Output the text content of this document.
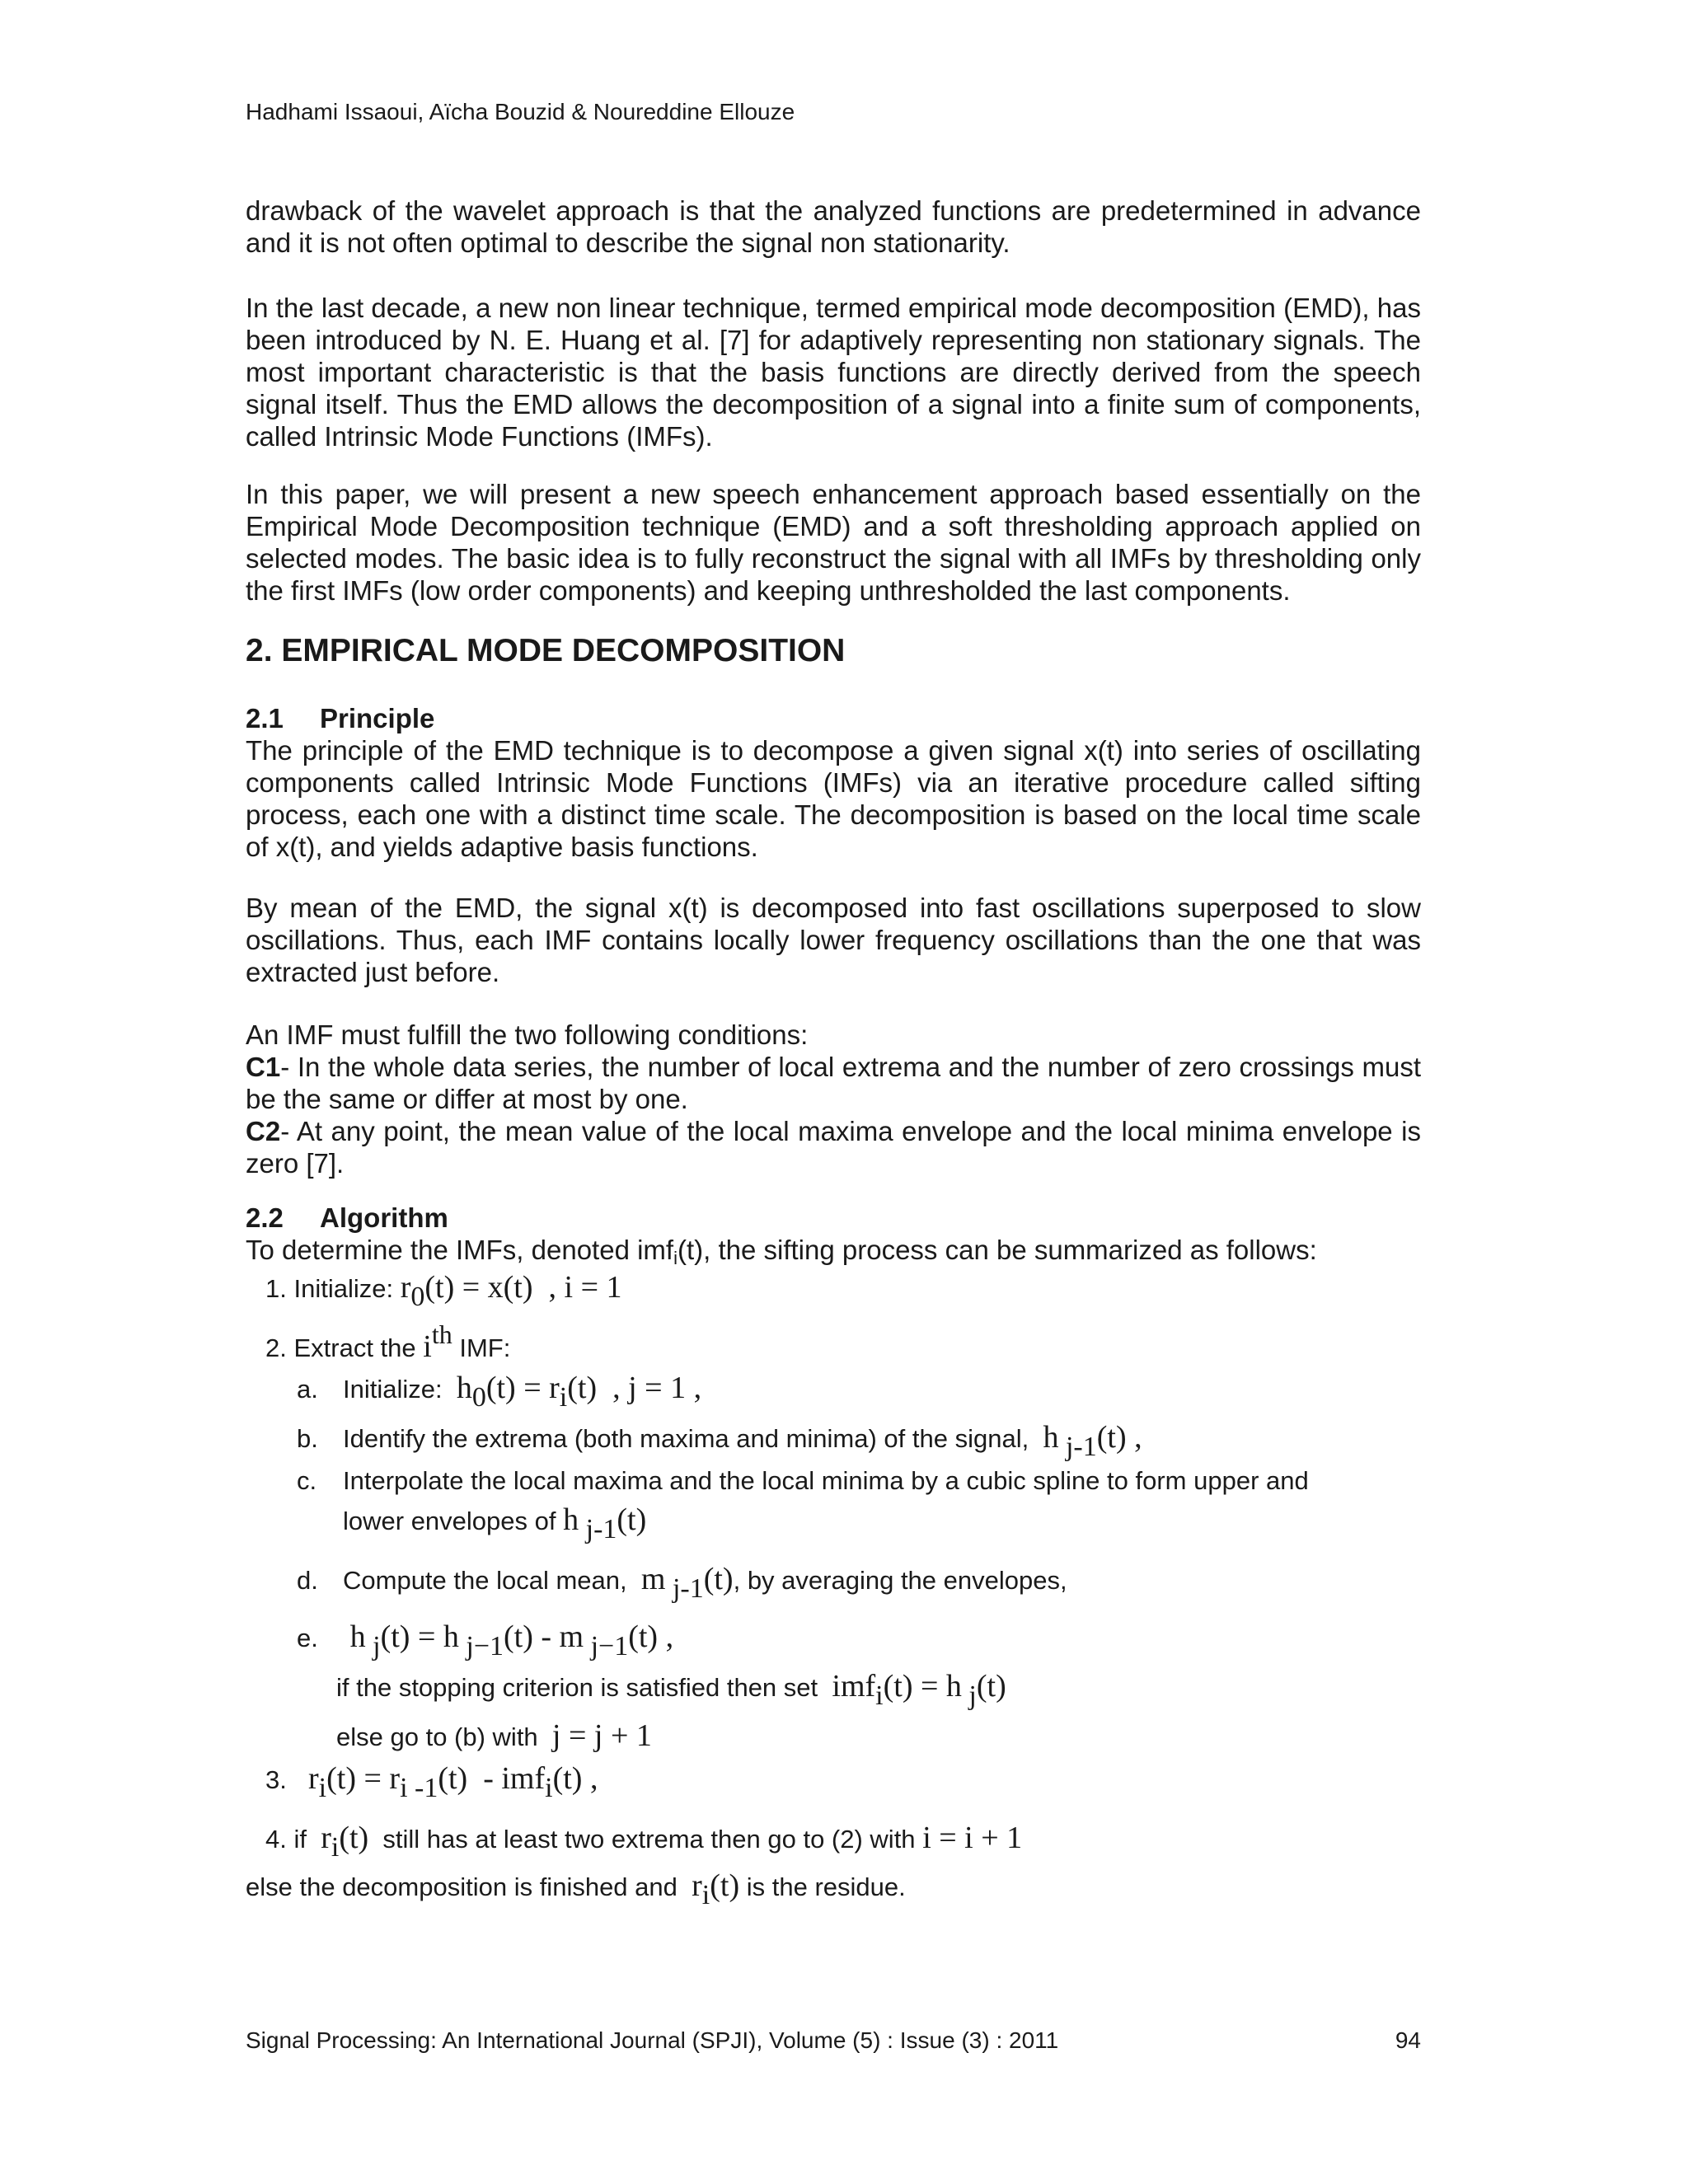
Hadhami Issaoui, Aïcha Bouzid & Noureddine Ellouze
drawback of the wavelet approach is that the analyzed functions are predetermined in advance and it is not often optimal to describe the signal non stationarity.
In the last decade, a new non linear technique, termed empirical mode decomposition (EMD), has been introduced by N. E. Huang et al. [7] for adaptively representing non stationary signals. The most important characteristic is that the basis functions are directly derived from the speech signal itself. Thus the EMD allows the decomposition of a signal into a finite sum of components, called Intrinsic Mode Functions (IMFs).
In this paper, we will present a new speech enhancement approach based essentially on the Empirical Mode Decomposition technique (EMD) and a soft thresholding approach applied on selected modes. The basic idea is to fully reconstruct the signal with all IMFs by thresholding only the first IMFs (low order components) and keeping unthresholded the last components.
2. EMPIRICAL MODE DECOMPOSITION
2.1 Principle
The principle of the EMD technique is to decompose a given signal x(t) into series of oscillating components called Intrinsic Mode Functions (IMFs) via an iterative procedure called sifting process, each one with a distinct time scale. The decomposition is based on the local time scale of x(t), and yields adaptive basis functions.
By mean of the EMD, the signal x(t) is decomposed into fast oscillations superposed to slow oscillations. Thus, each IMF contains locally lower frequency oscillations than the one that was extracted just before.
An IMF must fulfill the two following conditions:
C1- In the whole data series, the number of local extrema and the number of zero crossings must be the same or differ at most by one.
C2- At any point, the mean value of the local maxima envelope and the local minima envelope is zero [7].
2.2 Algorithm
To determine the IMFs, denoted imfi(t), the sifting process can be summarized as follows:
1. Initialize: $r_0(t) = x(t)$  , i = 1
2. Extract the $i^{th}$ IMF:
a. Initialize: $h_0(t) = r_i(t)$  , j = 1 ,
b. Identify the extrema (both maxima and minima) of the signal, h $_{j-1}$(t) ,
c. Interpolate the local maxima and the local minima by a cubic spline to form upper and
lower envelopes of h $_{j-1}$(t)
d. Compute the local mean, m $_{j-1}$(t), by averaging the envelopes,
e. h $_j$(t) = h $_{j-1}$(t) - m $_{j-1}$(t) ,
if the stopping criterion is satisfied then set imf$_i$(t) = h $_j$(t)
else go to (b) with j = j + 1
3. $r_i(t) = r_{i -1}(t) - imf_i(t)$ ,
4. if $r_i(t)$ still has at least two extrema then go to (2) with i = i + 1
else the decomposition is finished and $r_i(t)$ is the residue.
Signal Processing: An International Journal (SPJI), Volume (5) : Issue (3) : 2011	94
